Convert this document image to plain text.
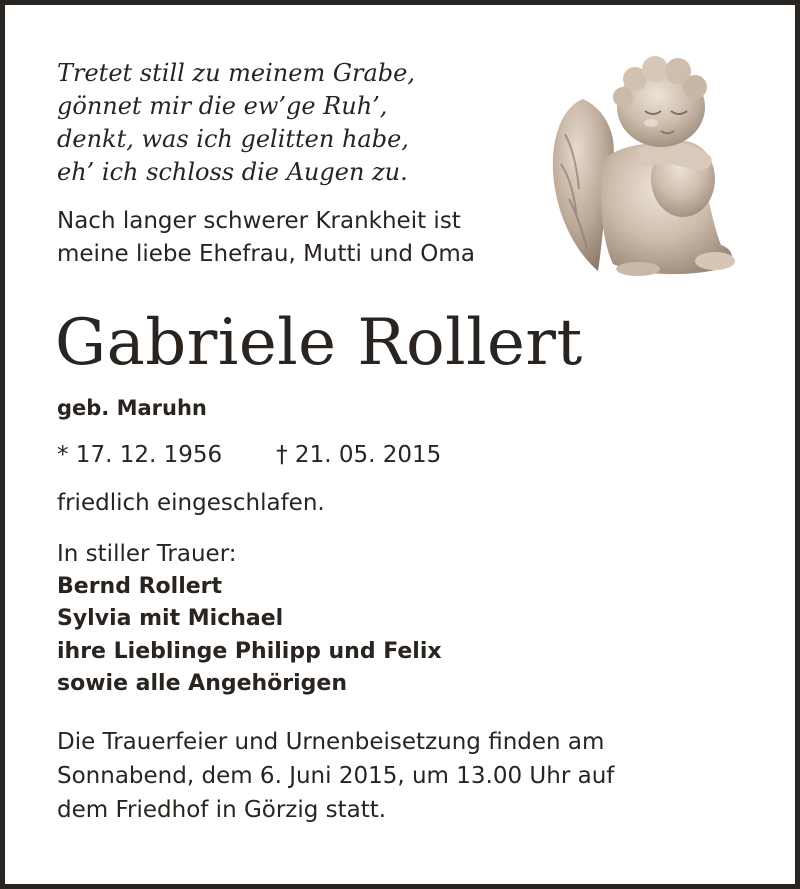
Tretet still zu meinem Grabe,
gönnet mir die ew’ge Ruh’,
denkt, was ich gelitten habe,
eh’ ich schloss die Augen zu.
Nach langer schwerer Krankheit ist
meine liebe Ehefrau, Mutti und Oma
Gabriele Rollert
geb. Maruhn
* 17. 12. 1956 † 21. 05. 2015
friedlich eingeschlafen.
In stiller Trauer:
Bernd Rollert
Sylvia mit Michael
ihre Lieblinge Philipp und Felix
sowie alle Angehörigen
Die Trauerfeier und Urnenbeisetzung finden am
Sonnabend, dem 6. Juni 2015, um 13.00 Uhr auf
dem Friedhof in Görzig statt.
